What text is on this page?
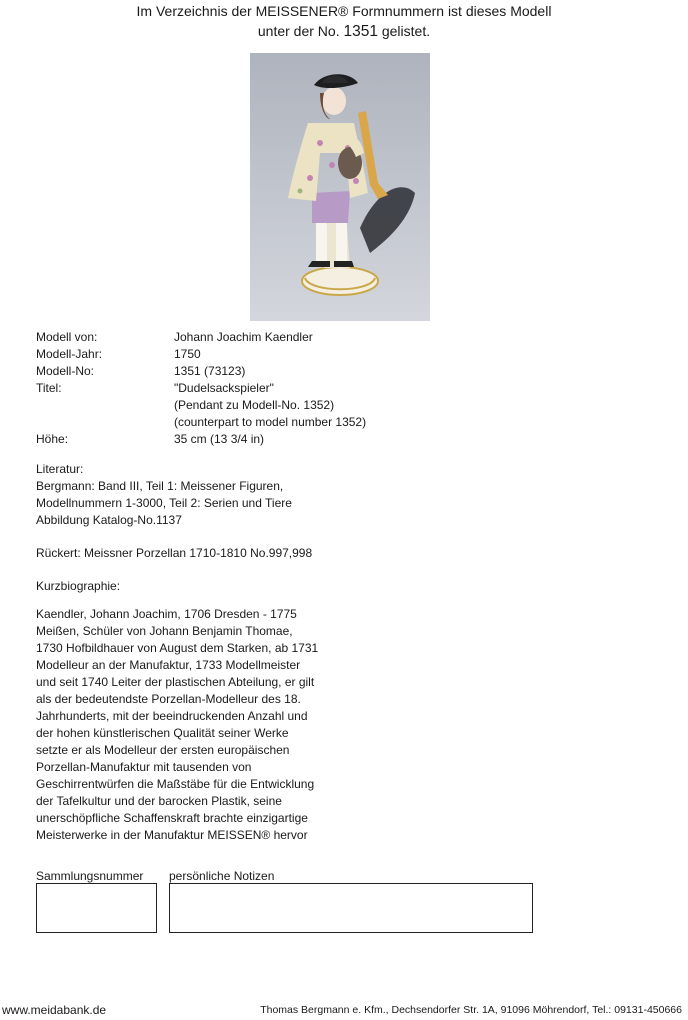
Im Verzeichnis der MEISSENER® Formnummern ist dieses Modell
unter der No. 1351 gelistet.
Modell von:	Johann Joachim Kaendler
Modell-Jahr:	1750
Modell-No:	1351 (73123)
Titel:	"Dudelsackspieler"
(Pendant zu Modell-No. 1352)
(counterpart to model number 1352)
Höhe:	35 cm (13 3/4 in)
Literatur:
Bergmann: Band III, Teil 1: Meissener Figuren,
Modellnummern 1-3000, Teil 2: Serien und Tiere
Abbildung Katalog-No.1137
Rückert: Meissner Porzellan 1710-1810 No.997,998
Kurzbiographie:
Kaendler, Johann Joachim, 1706 Dresden - 1775
Meißen, Schüler von Johann Benjamin Thomae,
1730 Hofbildhauer von August dem Starken, ab 1731
Modelleur an der Manufaktur, 1733 Modellmeister
und seit 1740 Leiter der plastischen Abteilung, er gilt
als der bedeutendste Porzellan-Modelleur des 18.
Jahrhunderts, mit der beeindruckenden Anzahl und
der hohen künstlerischen Qualität seiner Werke
setzte er als Modelleur der ersten europäischen
Porzellan-Manufaktur mit tausenden von
Geschirrentwürfen die Maßstäbe für die Entwicklung
der Tafelkultur und der barocken Plastik, seine
unerschöpfliche Schaffenskraft brachte einzigartige
Meisterwerke in der Manufaktur MEISSEN® hervor
Sammlungsnummer persönliche Notizen
www.meidabank.de	Thomas Bergmann e. Kfm., Dechsendorfer Str. 1A, 91096 Möhrendorf, Tel.: 09131-450666
